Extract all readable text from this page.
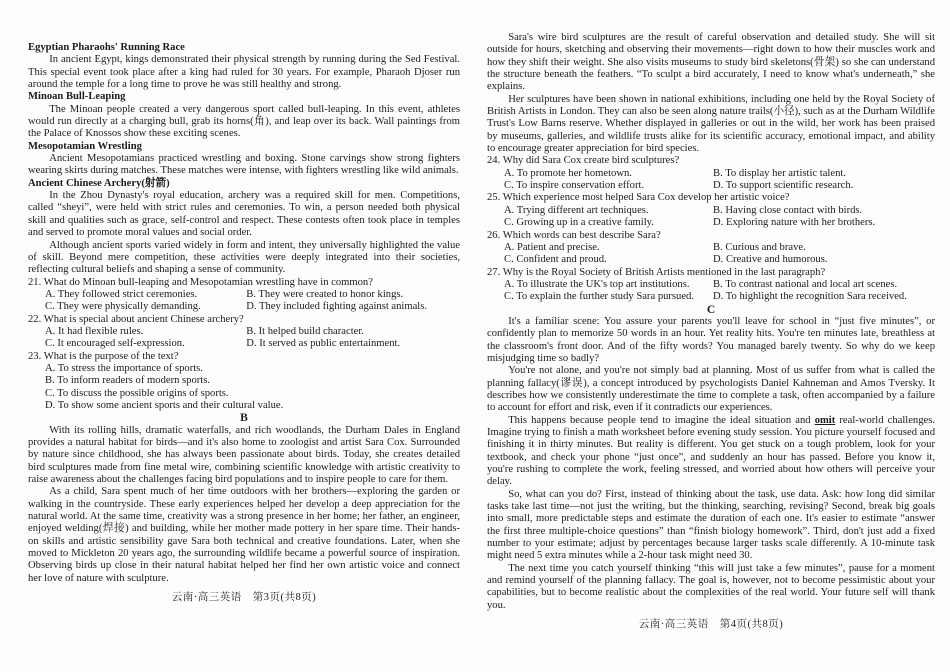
Egyptian Pharaohs' Running Race
In ancient Egypt, kings demonstrated their physical strength by running during the Sed Festival. This special event took place after a king had ruled for 30 years. For example, Pharaoh Djoser run around the temple for a long time to prove he was still healthy and strong.
Minoan Bull-Leaping
The Minoan people created a very dangerous sport called bull-leaping. In this event, athletes would run directly at a charging bull, grab its horns(角), and leap over its back. Wall paintings from the Palace of Knossos show these exciting scenes.
Mesopotamian Wrestling
Ancient Mesopotamians practiced wrestling and boxing. Stone carvings show strong fighters wearing skirts during matches. These matches were intense, with fighters wrestling like wild animals.
Ancient Chinese Archery(射箭)
In the Zhou Dynasty's royal education, archery was a required skill for men. Competitions, called “sheyi”, were held with strict rules and ceremonies. To win, a person needed both physical skill and qualities such as grace, self-control and respect. These contests often took place in temples and served to promote moral values and social order.
Although ancient sports varied widely in form and intent, they universally highlighted the value of skill. Beyond mere competition, these activities were deeply integrated into their societies, reflecting cultural beliefs and shaping a sense of community.
21. What do Minoan bull-leaping and Mesopotamian wrestling have in common?
A. They followed strict ceremonies.	B. They were created to honor kings.
C. They were physically demanding.	D. They included fighting against animals.
22. What is special about ancient Chinese archery?
A. It had flexible rules.	B. It helped build character.
C. It encouraged self-expression.	D. It served as public entertainment.
23. What is the purpose of the text?
A. To stress the importance of sports.
B. To inform readers of modern sports.
C. To discuss the possible origins of sports.
D. To show some ancient sports and their cultural value.
B
With its rolling hills, dramatic waterfalls, and rich woodlands, the Durham Dales in England provides a natural habitat for birds—and it's also home to zoologist and artist Sara Cox. Surrounded by nature since childhood, she has always been passionate about birds. Today, she creates detailed bird sculptures made from fine metal wire, combining scientific knowledge with artistic creativity to raise awareness about the challenges facing bird populations and to inspire people to care for them.
As a child, Sara spent much of her time outdoors with her brothers—exploring the garden or walking in the countryside. These early experiences helped her develop a deep appreciation for the natural world. At the same time, creativity was a strong presence in her home; her father, an engineer, enjoyed welding(焊接) and building, while her mother made pottery in her spare time. Their hands-on skills and artistic sensibility gave Sara both technical and creative foundations. Later, when she moved to Mickleton 20 years ago, the surrounding wildlife became a powerful source of inspiration. Observing birds up close in their natural habitat helped her find her own artistic voice and connect her love of nature with sculpture.
云南·高三英语　第3页(共8页)
Sara's wire bird sculptures are the result of careful observation and detailed study. She will sit outside for hours, sketching and observing their movements—right down to how their muscles work and how they shift their weight. She also visits museums to study bird skeletons(骨架) so she can understand the structure beneath the feathers. “To sculpt a bird accurately, I need to know what's underneath,” she explains.
Her sculptures have been shown in national exhibitions, including one held by the Royal Society of British Artists in London. They can also be seen along nature trails(小径), such as at the Durham Wildlife Trust's Low Barns reserve. Whether displayed in galleries or out in the wild, her work has been praised by museums, galleries, and wildlife trusts alike for its scientific accuracy, emotional impact, and ability to encourage greater appreciation for bird species.
24. Why did Sara Cox create bird sculptures?
A. To promote her hometown.	B. To display her artistic talent.
C. To inspire conservation effort.	D. To support scientific research.
25. Which experience most helped Sara Cox develop her artistic voice?
A. Trying different art techniques.	B. Having close contact with birds.
C. Growing up in a creative family.	D. Exploring nature with her brothers.
26. Which words can best describe Sara?
A. Patient and precise.	B. Curious and brave.
C. Confident and proud.	D. Creative and humorous.
27. Why is the Royal Society of British Artists mentioned in the last paragraph?
A. To illustrate the UK's top art institutions.	B. To contrast national and local art scenes.
C. To explain the further study Sara pursued.	D. To highlight the recognition Sara received.
C
It's a familiar scene: You assure your parents you'll leave for school in “just five minutes”, or confidently plan to memorize 50 words in an hour. Yet reality hits. You're ten minutes late, breathless at the classroom's front door. And of the fifty words? You managed barely twenty. So why do we keep misjudging time so badly?
You're not alone, and you're not simply bad at planning. Most of us suffer from what is called the planning fallacy(谬误), a concept introduced by psychologists Daniel Kahneman and Amos Tversky. It describes how we consistently underestimate the time to complete a task, often accompanied by a failure to account for effort and risk, even if it contradicts our experiences.
This happens because people tend to imagine the ideal situation and omit real-world challenges. Imagine trying to finish a math worksheet before evening study session. You picture yourself focused and finishing it in thirty minutes. But reality is different. You get stuck on a tough problem, look for your textbook, and check your phone “just once”, and suddenly an hour has passed. Before you know it, you're rushing to complete the work, feeling stressed, and worried about how others will perceive your delay.
So, what can you do? First, instead of thinking about the task, use data. Ask: how long did similar tasks take last time—not just the writing, but the thinking, searching, revising? Second, break big goals into small, more predictable steps and estimate the duration of each one. It's easier to estimate “answer the first three multiple-choice questions” than “finish biology homework”. Third, don't just add a fixed number to your estimate; adjust by percentages because larger tasks scale differently. A 10-minute task might need 5 extra minutes while a 2-hour task might need 30.
The next time you catch yourself thinking “this will just take a few minutes”, pause for a moment and remind yourself of the planning fallacy. The goal is, however, not to become pessimistic about your capabilities, but to become realistic about the complexities of the real world. Your future self will thank you.
云南·高三英语　第4页(共8页)
